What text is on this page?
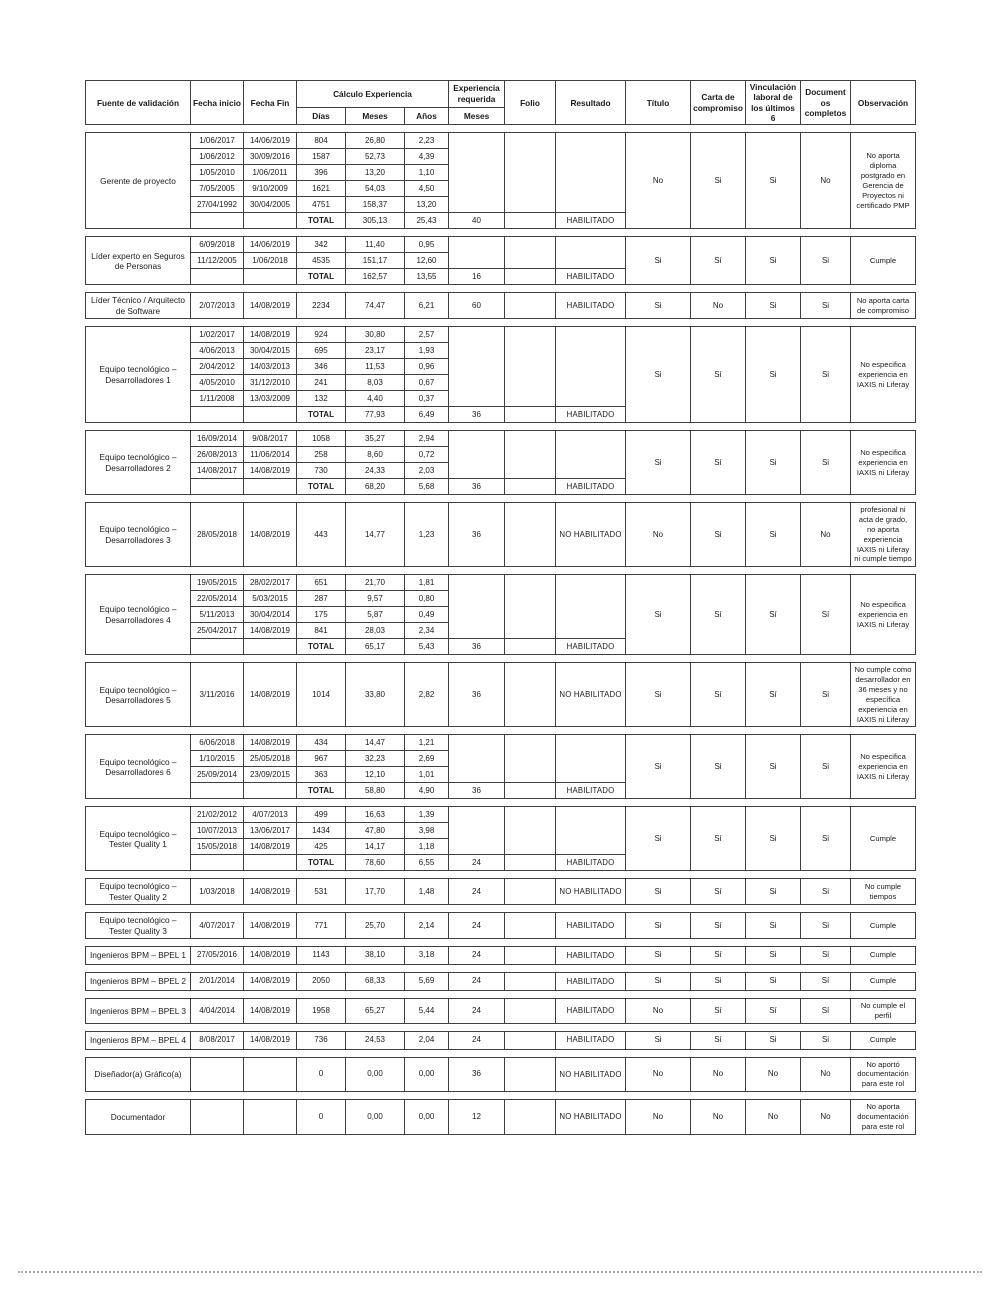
Fuente de validación	Fecha inicio	Fecha Fin	Cálculo Experiencia			Experiencia requerida	Folio	Resultado	Título	Carta de compromiso	Vinculación laboral de los últimos 6	Documentos completos	Observación
			Días	Meses	Años	Meses							
Gerente de proyecto	1/06/2017	14/06/2019	804	26,80	2,23				No	Si	Si	No	No aporta diploma postgrado en Gerencia de Proyectos ni certificado PMP
	1/06/2012	30/09/2016	1587	52,73	4,39								
	1/05/2010	1/06/2011	396	13,20	1,10								
	7/05/2005	9/10/2009	1621	54,03	4,50								
	27/04/1992	30/04/2005	4751	158,37	13,20								
			TOTAL	305,13	25,43	40		HABILITADO					
Líder experto en Seguros de Personas	6/09/2018	14/06/2019	342	11,40	0,95				Si	Sí	Si	Si	Cumple
	11/12/2005	1/06/2018	4535	151,17	12,60								
			TOTAL	162,57	13,55	16		HABILITADO					
Líder Técnico / Arquitecto de Software	2/07/2013	14/08/2019	2234	74,47	6,21	60		HABILITADO	Si	No	Si	Si	No aporta carta de compromiso
Equipo tecnológico – Desarrolladores 1	1/02/2017	14/08/2019	924	30,80	2,57				Si	Sí	Si	Si	No especifica experiencia en IAXIS ni Liferay
	4/06/2013	30/04/2015	695	23,17	1,93								
	2/04/2012	14/03/2013	346	11,53	0,96								
	4/05/2010	31/12/2010	241	8,03	0,67								
	1/11/2008	13/03/2009	132	4,40	0,37								
			TOTAL	77,93	6,49	36		HABILITADO					
Equipo tecnológico – Desarrolladores 2	16/09/2014	9/08/2017	1058	35,27	2,94				Si	Sí	Si	Si	No especifica experiencia en IAXIS ni Liferay
	26/08/2013	11/06/2014	258	8,60	0,72								
	14/08/2017	14/08/2019	730	24,33	2,03								
			TOTAL	68,20	5,68	36		HABILITADO					
Equipo tecnológico – Desarrolladores 3	28/05/2018	14/08/2019	443	14,77	1,23	36		NO HABILITADO	No	Si	Si	No	profesional ni acta de grado, no aporta experiencia IAXIS ni Liferay ni cumple tiempo
Equipo tecnológico – Desarrolladores 4	19/05/2015	28/02/2017	651	21,70	1,81				Si	Sí	Sí	Sí	No especifica experiencia en IAXIS ni Liferay
	22/05/2014	5/03/2015	287	9,57	0,80								
	5/11/2013	30/04/2014	175	5,87	0,49								
	25/04/2017	14/08/2019	841	28,03	2,34								
			TOTAL	65,17	5,43	36		HABILITADO					
Equipo tecnológico – Desarrolladores 5	3/11/2016	14/08/2019	1014	33,80	2,82	36		NO HABILITADO	Si	Sí	Sí	Si	No cumple como desarrollador en 36 meses y no específica experiencia en IAXIS ni Liferay
Equipo tecnológico – Desarrolladores 6	6/06/2018	14/08/2019	434	14,47	1,21				Si	Si	Si	Si	No especifica experiencia en IAXIS ni Liferay
	1/10/2015	25/05/2018	967	32,23	2,69								
	25/09/2014	23/09/2015	363	12,10	1,01								
			TOTAL	58,80	4,90	36		HABILITADO					
Equipo tecnológico – Tester Quality 1	21/02/2012	4/07/2013	499	16,63	1,39				Si	Sí	Si	Si	Cumple
	10/07/2013	13/06/2017	1434	47,80	3,98								
	15/05/2018	14/08/2019	425	14,17	1,18								
			TOTAL	78,60	6,55	24		HABILITADO					
Equipo tecnológico – Tester Quality 2	1/03/2018	14/08/2019	531	17,70	1,48	24		NO HABILITADO	Si	Sí	Si	Si	No cumple tiempos
Equipo tecnológico – Tester Quality 3	4/07/2017	14/08/2019	771	25,70	2,14	24		HABILITADO	Si	Sí	Si	Si	Cumple
Ingenieros BPM – BPEL 1	27/05/2016	14/08/2019	1143	38,10	3,18	24		HABILITADO	Si	Sí	Si	Si	Cumple
Ingenieros BPM – BPEL 2	2/01/2014	14/08/2019	2050	68,33	5,69	24		HABILITADO	Si	Si	Si	Sí	Cumple
Ingenieros BPM – BPEL 3	4/04/2014	14/08/2019	1958	65,27	5,44	24		HABILITADO	No	Sí	Sí	Sí	No cumple el perfil
Ingenieros BPM – BPEL 4	8/08/2017	14/08/2019	736	24,53	2,04	24		HABILITADO	Si	Sí	Si	Si	Cumple
Diseñador(a) Gráfico(a)			0	0,00	0,00	36		NO HABILITADO	No	No	No	No	No aportó documentación para este rol
Documentador			0	0,00	0,00	12		NO HABILITADO	No	No	No	No	No aporta documentación para este rol
